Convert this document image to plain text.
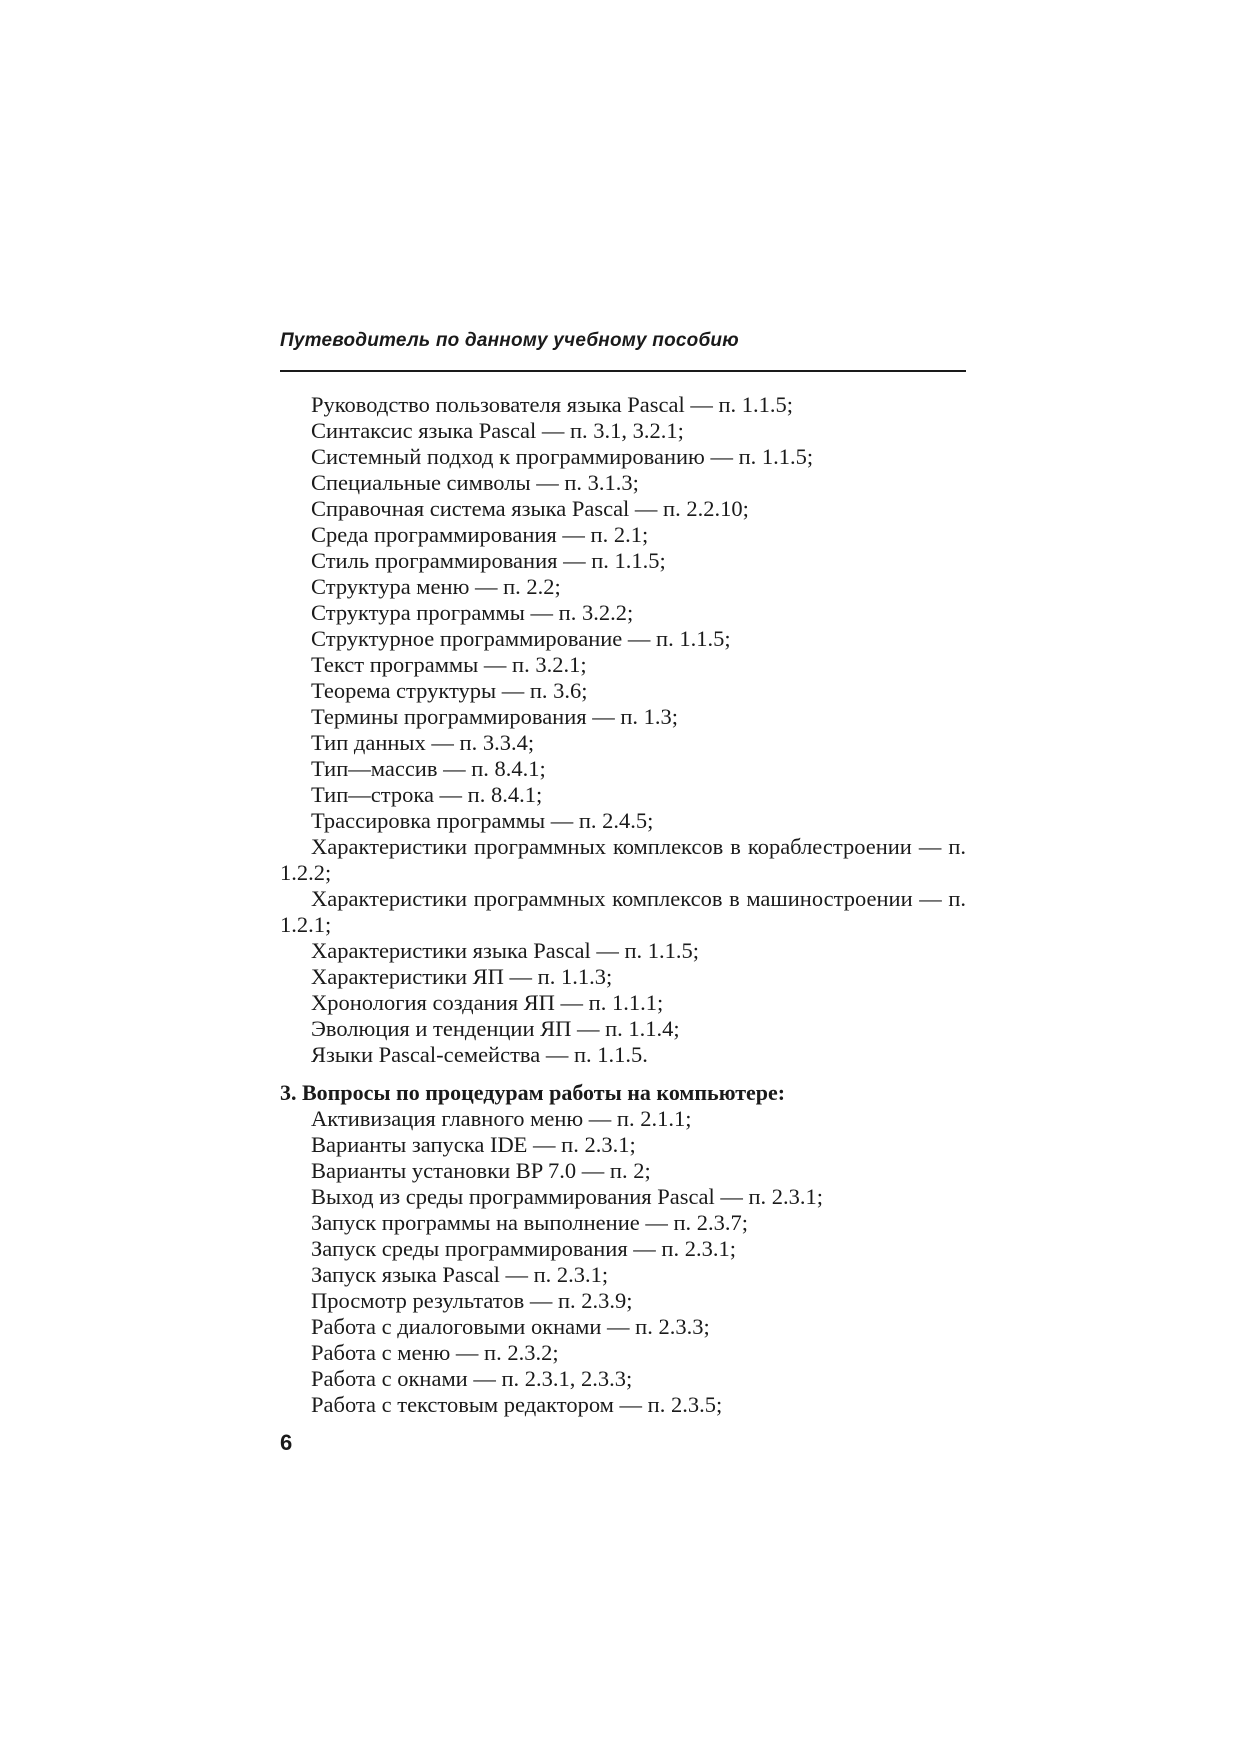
Путеводитель по данному учебному пособию
Руководство пользователя языка Pascal — п. 1.1.5;
Синтаксис языка Pascal — п. 3.1, 3.2.1;
Системный подход к программированию — п. 1.1.5;
Специальные символы — п. 3.1.3;
Справочная система языка Pascal — п. 2.2.10;
Среда программирования — п. 2.1;
Стиль программирования — п. 1.1.5;
Структура меню — п. 2.2;
Структура программы — п. 3.2.2;
Структурное программирование — п. 1.1.5;
Текст программы — п. 3.2.1;
Теорема структуры — п. 3.6;
Термины программирования — п. 1.3;
Тип данных — п. 3.3.4;
Тип—массив — п. 8.4.1;
Тип—строка — п. 8.4.1;
Трассировка программы — п. 2.4.5;
Характеристики программных комплексов в кораблестроении — п. 1.2.2;
Характеристики программных комплексов в машиностроении — п. 1.2.1;
Характеристики языка Pascal — п. 1.1.5;
Характеристики ЯП — п. 1.1.3;
Хронология создания ЯП — п. 1.1.1;
Эволюция и тенденции ЯП — п. 1.1.4;
Языки Pascal-семейства — п. 1.1.5.
3. Вопросы по процедурам работы на компьютере:
Активизация главного меню — п. 2.1.1;
Варианты запуска IDE — п. 2.3.1;
Варианты установки BP 7.0 — п. 2;
Выход из среды программирования Pascal — п. 2.3.1;
Запуск программы на выполнение — п. 2.3.7;
Запуск среды программирования — п. 2.3.1;
Запуск языка Pascal — п. 2.3.1;
Просмотр результатов — п. 2.3.9;
Работа с диалоговыми окнами — п. 2.3.3;
Работа с меню — п. 2.3.2;
Работа с окнами — п. 2.3.1, 2.3.3;
Работа с текстовым редактором — п. 2.3.5;
6
